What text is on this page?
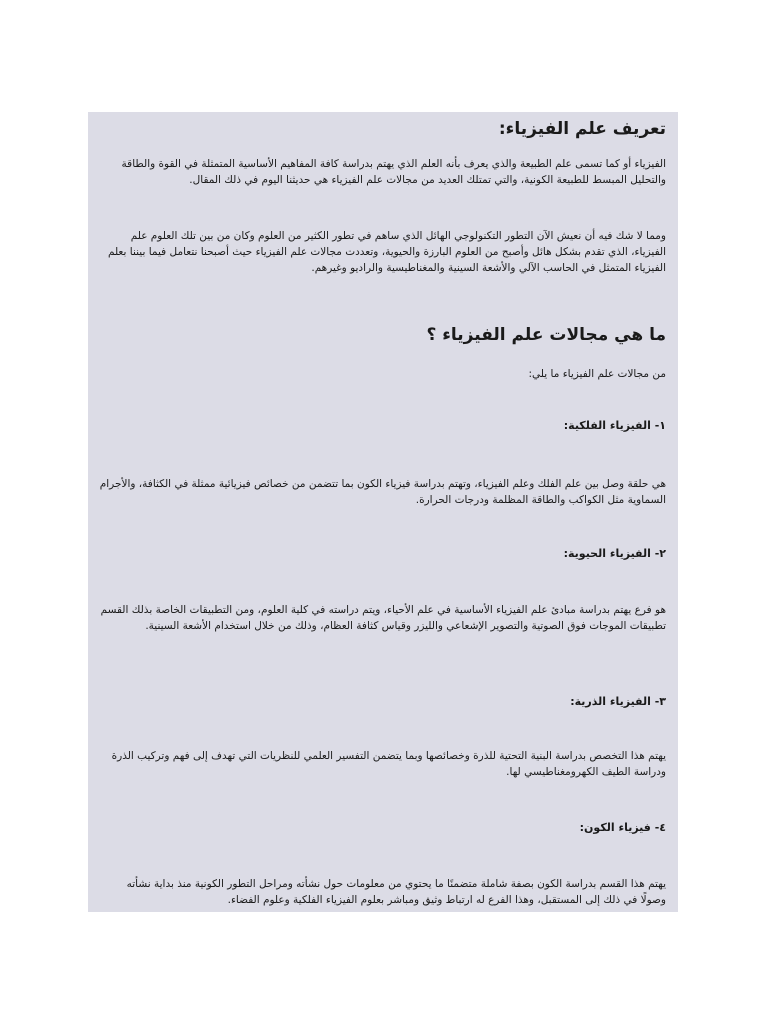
تعريف علم الفيزياء:
الفيزياء أو كما تسمى علم الطبيعة والذي يعرف بأنه العلم الذي يهتم بدراسة كافة المفاهيم الأساسية المتمثلة في القوة والطاقة والتحليل المبسط للطبيعة الكونية، والتي تمتلك العديد من مجالات علم الفيزياء هي حديثنا اليوم في ذلك المقال.
ومما لا شك فيه أن نعيش الآن التطور التكنولوجي الهائل الذي ساهم في تطور الكثير من العلوم وكان من بين تلك العلوم علم الفيزياء، الذي تقدم بشكل هائل وأصبح من العلوم البارزة والحيوية، وتعددت مجالات علم الفيزياء حيث أصبحنا نتعامل فيما بيننا بعلم الفيزياء المتمثل في الحاسب الآلي والأشعة السينية والمغناطيسية والراديو وغيرهم.
ما هي مجالات علم الفيزياء ؟
من مجالات علم الفيزياء ما يلي:
١- الفيزياء الفلكية:
هي حلقة وصل بين علم الفلك وعلم الفيزياء، وتهتم بدراسة فيزياء الكون بما تتضمن من خصائص فيزيائية ممثلة في الكثافة، والأجرام السماوية مثل الكواكب والطاقة المظلمة ودرجات الحرارة.
٢- الفيزياء الحيوية:
هو فرع يهتم بدراسة مبادئ علم الفيزياء الأساسية في علم الأحياء، ويتم دراسته في كلية العلوم، ومن التطبيقات الخاصة بذلك القسم تطبيقات الموجات فوق الصوتية والتصوير الإشعاعي والليزر وقياس كثافة العظام، وذلك من خلال استخدام الأشعة السينية.
٣- الفيزياء الذرية:
يهتم هذا التخصص بدراسة البنية التحتية للذرة وخصائصها وبما يتضمن التفسير العلمي للنظريات التي تهدف إلى فهم وتركيب الذرة ودراسة الطيف الكهرومغناطيسي لها.
٤- فيزياء الكون:
يهتم هذا القسم بدراسة الكون بصفة شاملة متضمنًا ما يحتوي من معلومات حول نشأته ومراحل التطور الكونية منذ بداية نشأته وصولًا في ذلك إلى المستقبل، وهذا الفرع له ارتباط وثيق ومباشر بعلوم الفيزياء الفلكية وعلوم الفضاء.
